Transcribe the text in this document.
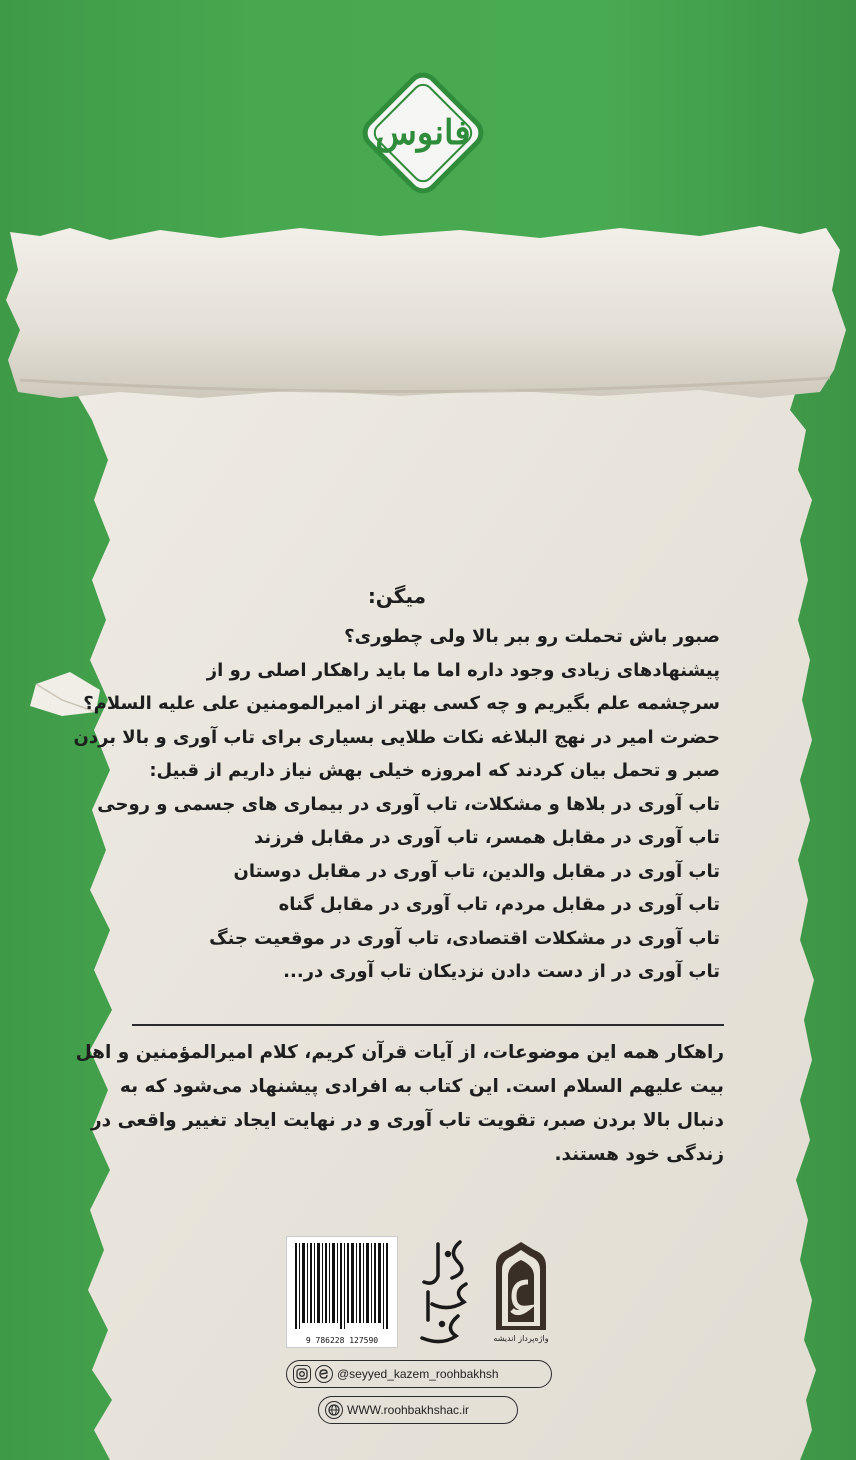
فانوس
میگن:
صبور باش تحملت رو ببر بالا ولی چطوری؟
پیشنهادهای زیادی وجود داره اما ما باید راهکار اصلی رو از
سرچشمه علم بگیریم و چه کسی بهتر از امیرالمومنین علی علیه السلام؟
حضرت امیر در نهج البلاغه نکات طلایی بسیاری برای تاب آوری و بالا بردن
صبر و تحمل بیان کردند که امروزه خیلی بهش نیاز داریم از قبیل:
تاب آوری در بلاها و مشکلات، تاب آوری در بیماری های جسمی و روحی
تاب آوری در مقابل همسر، تاب آوری در مقابل فرزند
تاب آوری در مقابل والدین، تاب آوری در مقابل دوستان
تاب آوری در مقابل مردم، تاب آوری در مقابل گناه
تاب آوری در مشکلات اقتصادی، تاب آوری در موقعیت جنگ
تاب آوری در از دست دادن نزدیکان تاب آوری در...
راهکار همه این موضوعات، از آیات قرآن کریم، کلام امیرالمؤمنین و اهل
بیت علیهم السلام است. این کتاب به افرادی پیشنهاد می‌شود که به
دنبال بالا بردن صبر، تقویت تاب آوری و در نهایت ایجاد تغییر واقعی در
زندگی خود هستند.
9 786228 127590	واژه‌پرداز اندیشه
@seyyed_kazem_roohbakhsh
WWW.roohbakhshac.ir
